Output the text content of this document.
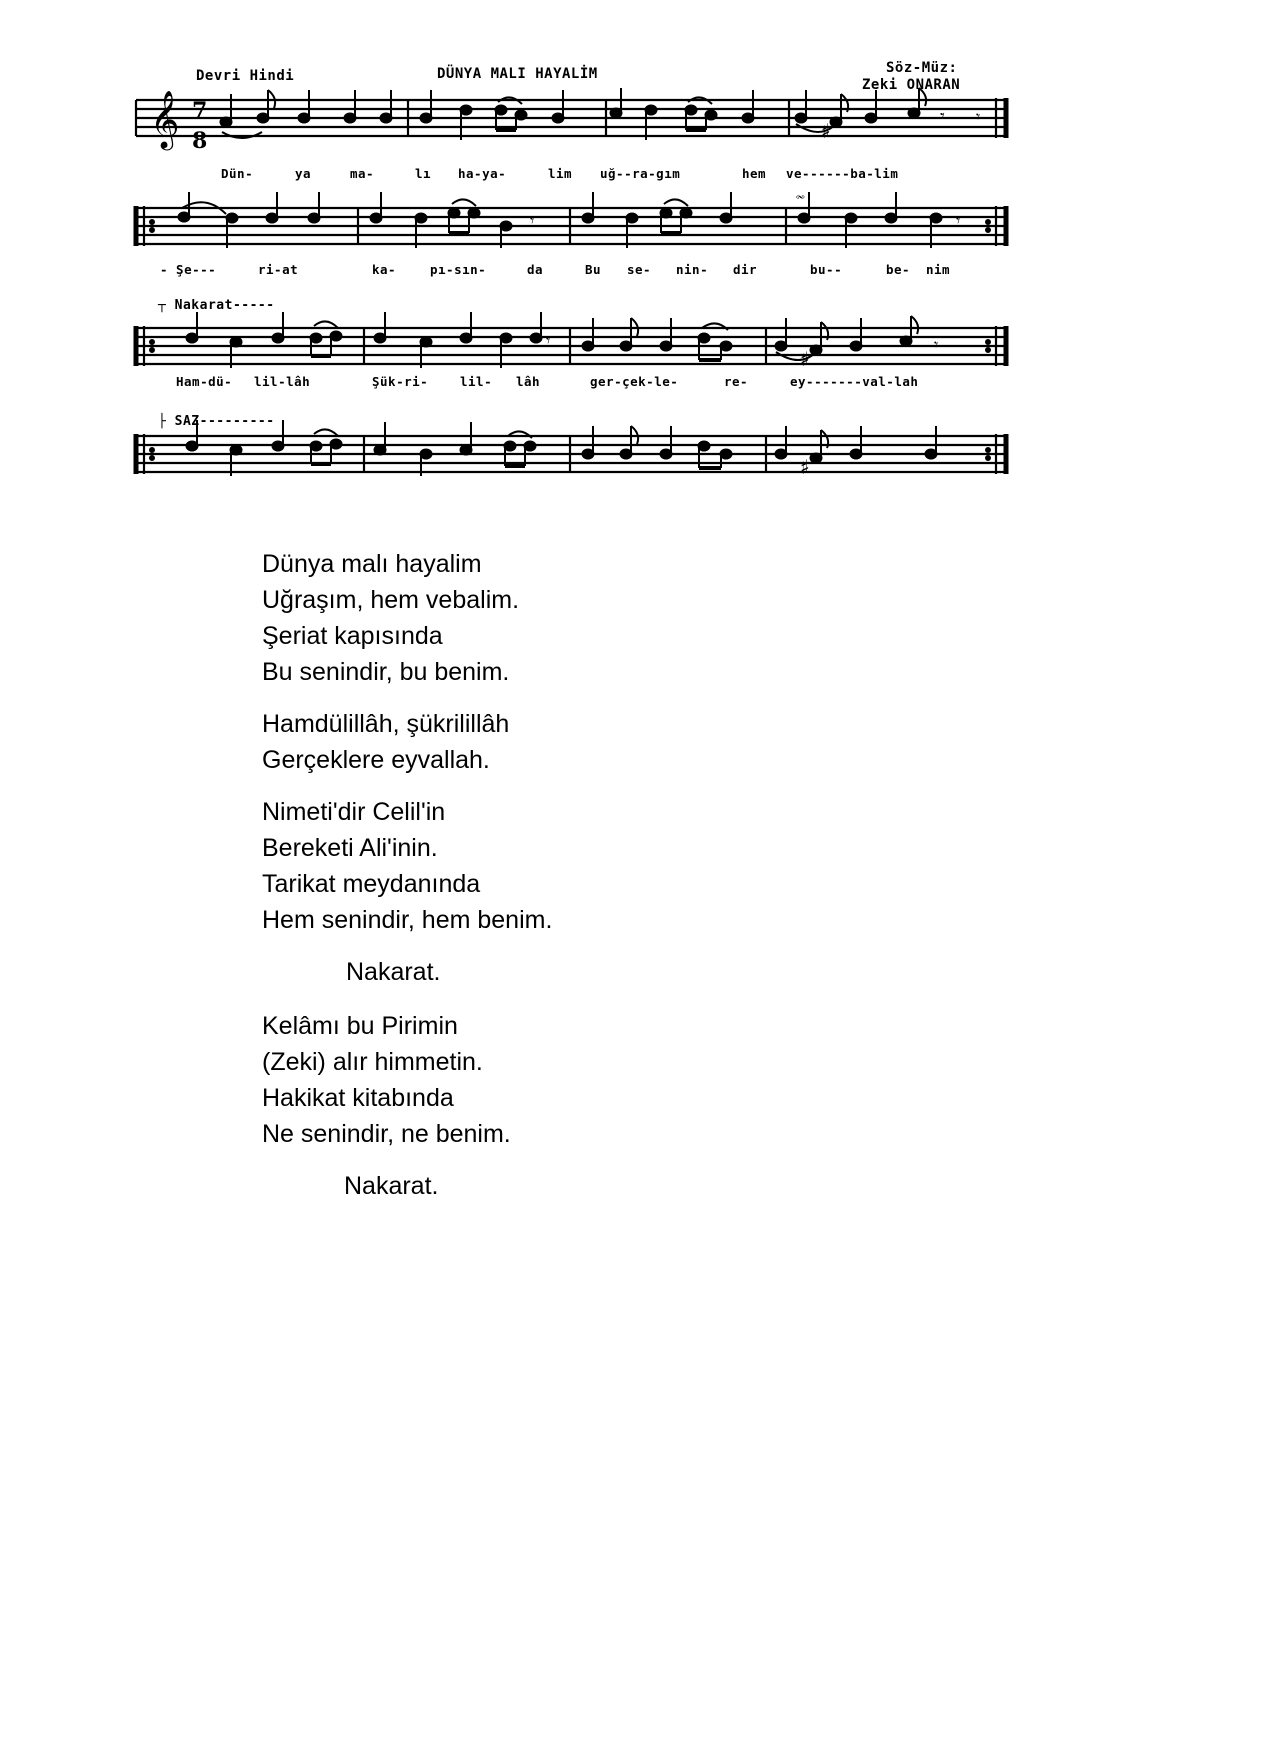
Devri Hindi	DÜNYA MALI HAYALİM	Söz-Müz:
Zeki ONARAN
𝄞 7
8	♯
𝄾 𝄾
Dün-	ya	ma-	lı ha-ya-	lim uğ--ra-gım	hem ve------ba-lim
𝆗
𝄾	𝄾
- Şe---	ri-at	ka-	pı-sın-	da	Bu se- nin- dir	bu--	be- nim
┬ Nakarat-----
♯
𝄾	𝄾
Ham-dü- lil-lâh	Şük-ri-	lil- lâh	ger-çek-le-	re-	ey-------val-lah
├ SAZ---------
♯
Dünya malı hayalim
Uğraşım, hem vebalim.
Şeriat kapısında
Bu senindir, bu benim.
Hamdülillâh, şükrilillâh
Gerçeklere eyvallah.
Nimeti'dir Celil'in
Bereketi Ali'inin.
Tarikat meydanında
Hem senindir, hem benim.
Nakarat.
Kelâmı bu Pirimin
(Zeki) alır himmetin.
Hakikat kitabında
Ne senindir, ne benim.
Nakarat.
